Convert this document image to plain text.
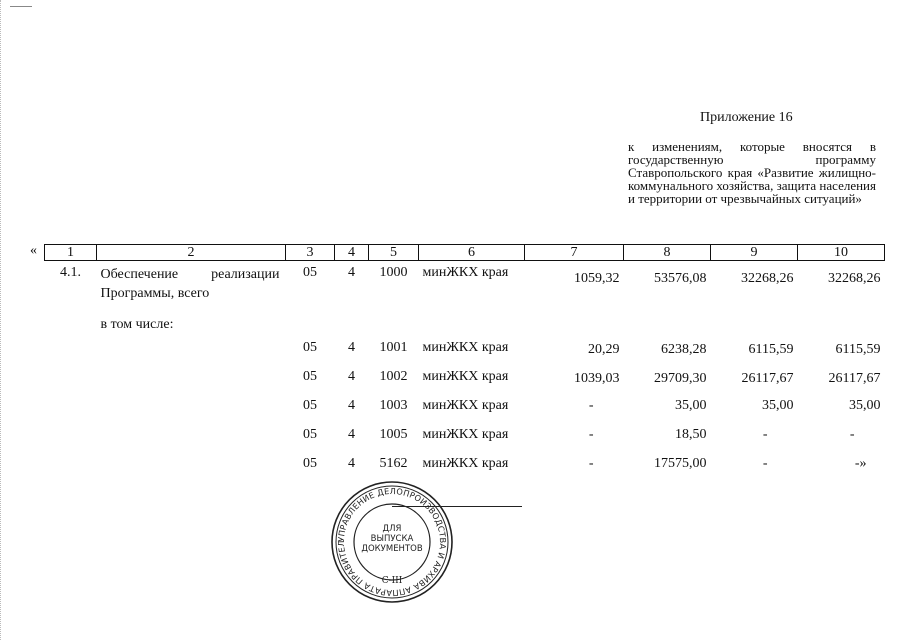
Приложение 16
к изменениям, которые вносятся в государственную программу Ставропольского края «Развитие жилищно-коммунального хозяйства, защита населения и территории от чрезвычайных ситуаций»
« 1	2	3	4	5	6	7	8	9	10
4.1.	Обеспечение реализации Программы, всего	05	4	1000	минЖКХ края	1059,32	53576,08	32268,26	32268,26
	в том числе:								
		05	4	1001	минЖКХ края	20,29	6238,28	6115,59	6115,59
		05	4	1002	минЖКХ края	1039,03	29709,30	26117,67	26117,67
		05	4	1003	минЖКХ края	-	35,00	35,00	35,00
		05	4	1005	минЖКХ края	-	18,50	-	-
		05	4	5162	минЖКХ края	-	17575,00	-	-»
УПРАВЛЕНИЕ ДЕЛОПРОИЗВОДСТВА И АРХИВА АППАРАТА ПРАВИТЕЛ
ДЛЯ ВЫПУСКА ДОКУМЕНТОВ
С-III
